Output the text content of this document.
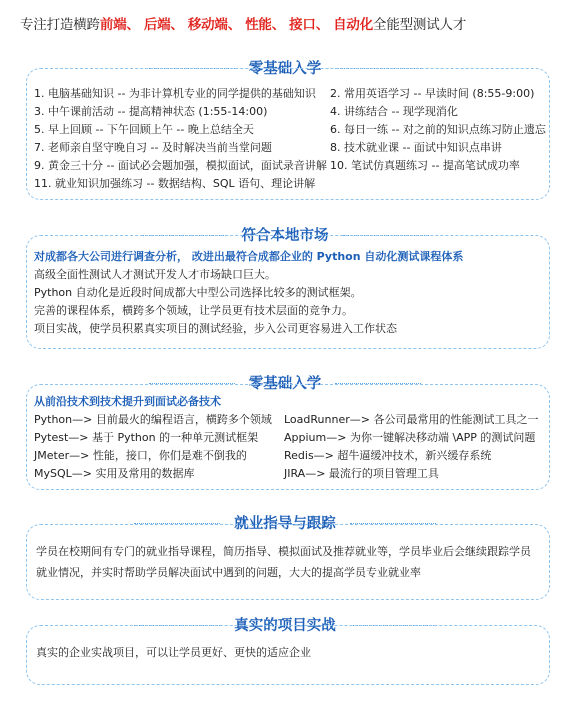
专注打造横跨前端、 后端、 移动端、 性能、 接口、 自动化全能型测试人才
零基础入学
1. 电脑基础知识 -- 为非计算机专业的同学提供的基础知识
3. 中午课前活动 -- 提高精神状态 (1:55-14:00)
5. 早上回顾 -- 下午回顾上午 -- 晚上总结全天
7. 老师亲自坚守晚自习 -- 及时解决当前当堂问题
9. 黄金三十分 -- 面试必会题加强，模拟面试，面试录音讲解
11. 就业知识加强练习 -- 数据结构、SQL 语句、理论讲解
2. 常用英语学习 -- 早读时间 (8:55-9:00)
4. 讲练结合 -- 现学现消化
6. 每日一练 -- 对之前的知识点练习防止遗忘
8. 技术就业课 -- 面试中知识点串讲
10. 笔试仿真题练习 -- 提高笔试成功率
符合本地市场
对成都各大公司进行调查分析， 改进出最符合成都企业的 Python 自动化测试课程体系
高级全面性测试人才测试开发人才市场缺口巨大。
Python 自动化是近段时间成都大中型公司选择比较多的测试框架。
完善的课程体系，横跨多个领域，让学员更有技术层面的竞争力。
项目实战，使学员积累真实项目的测试经验，步入公司更容易进入工作状态
零基础入学
从前沿技术到技术提升到面试必备技术
Python—> 目前最火的编程语言，横跨多个领域
Pytest—> 基于 Python 的一种单元测试框架
JMeter—> 性能，接口，你们是难不倒我的
MySQL—> 实用及常用的数据库
LoadRunner—> 各公司最常用的性能测试工具之一
Appium—> 为你一键解决移动端 \APP 的测试问题
Redis—> 超牛逼缓冲技术，新兴缓存系统
JIRA—> 最流行的项目管理工具
就业指导与跟踪
学员在校期间有专门的就业指导课程，简历指导、模拟面试及推荐就业等，学员毕业后会继续跟踪学员就业情况，并实时帮助学员解决面试中遇到的问题，大大的提高学员专业就业率
真实的项目实战
真实的企业实战项目，可以让学员更好、更快的适应企业
